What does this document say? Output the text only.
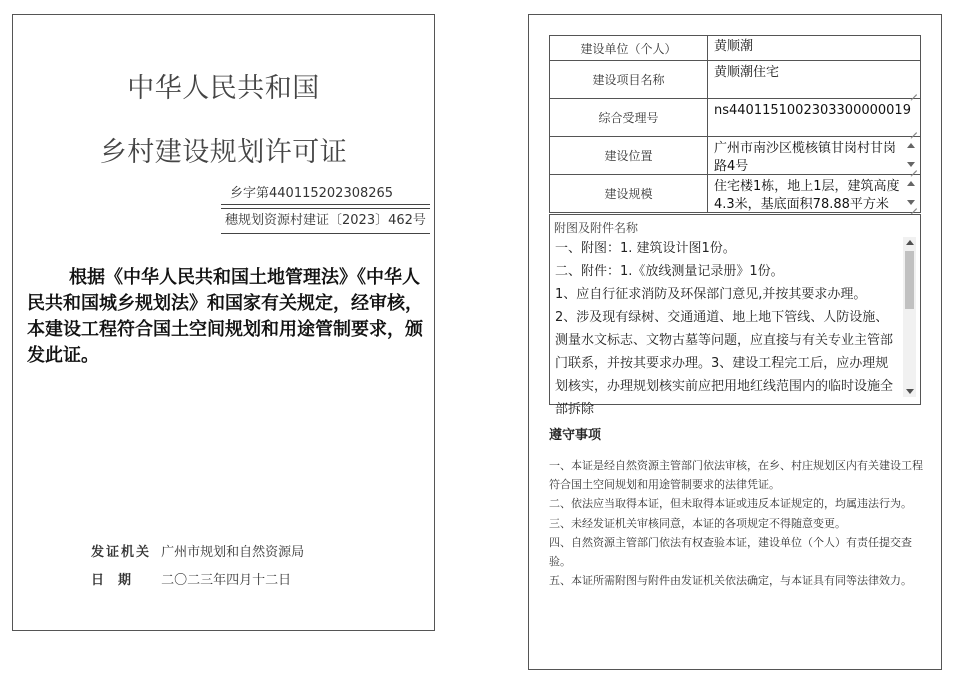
中华人民共和国
乡村建设规划许可证
乡字第440115202308265
穗规划资源村建证〔2023〕462号
根据《中华人民共和国土地管理法》《中华人民共和国城乡规划法》和国家有关规定，经审核，本建设工程符合国土空间规划和用途管制要求，颁发此证。
发证机关 广州市规划和自然资源局
日期 二〇二三年四月十二日
建设单位（个人）	黄顺潮

建设项目名称	黄顺潮住宅

综合受理号	ns4401151002303300000019

建设位置	广州市南沙区榄核镇甘岗村甘岗路4号

建设规模	住宅楼1栋，地上1层，建筑高度4.3米，基底面积78.88平方米
附图及附件名称

一、附图：1. 建筑设计图1份。

二、附件：1.《放线测量记录册》1份。

1、应自行征求消防及环保部门意见,并按其要求办理。

2、涉及现有绿树、交通通道、地上地下管线、人防设施、测量水文标志、文物古墓等问题，应直接与有关专业主管部门联系，并按其要求办理。3、建设工程完工后，应办理规划核实，办理规划核实前应把用地红线范围内的临时设施全部拆除

遵守事项

一、本证是经自然资源主管部门依法审核，在乡、村庄规划区内有关建设工程符合国土空间规划和用途管制要求的法律凭证。

二、依法应当取得本证，但未取得本证或违反本证规定的，均属违法行为。

三、未经发证机关审核同意，本证的各项规定不得随意变更。

四、自然资源主管部门依法有权查验本证，建设单位（个人）有责任提交查验。

五、本证所需附图与附件由发证机关依法确定，与本证具有同等法律效力。
